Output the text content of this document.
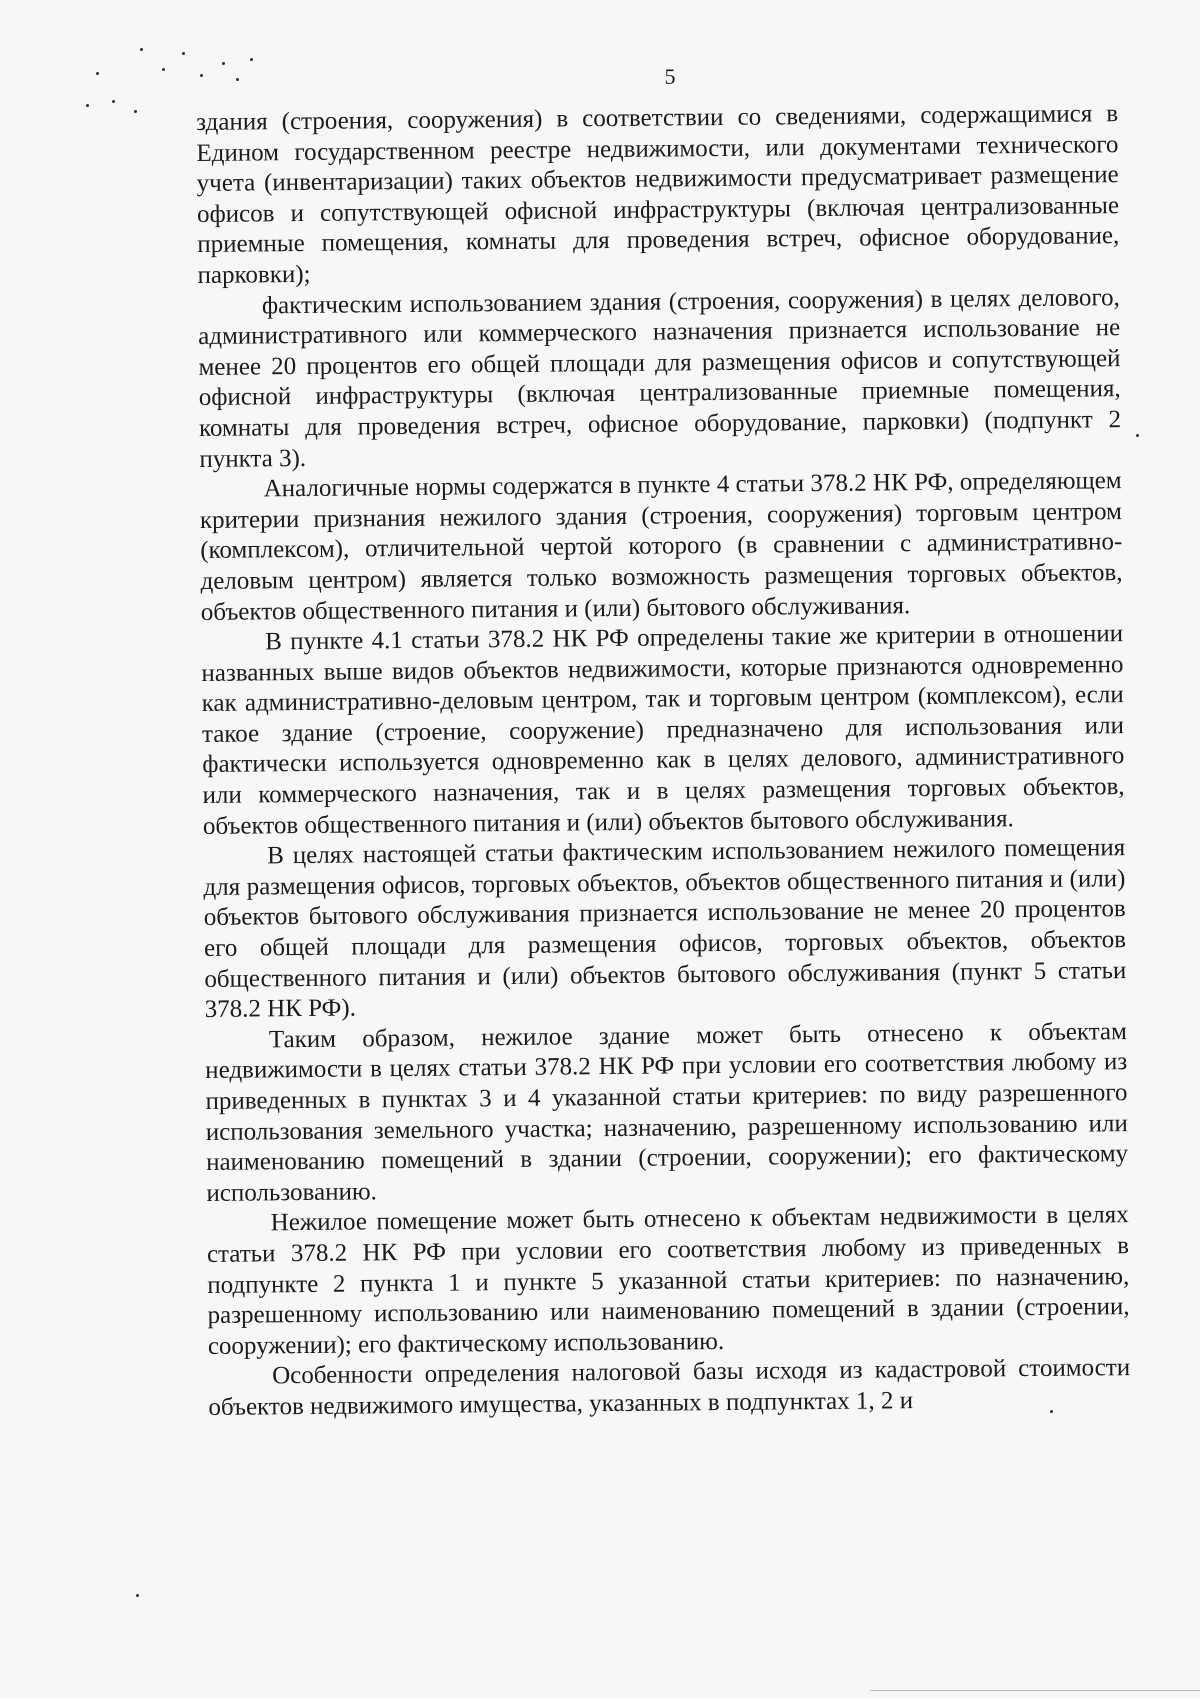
5

здания (строения, сооружения) в соответствии со сведениями, содержащимися в Едином государственном реестре недвижимости, или документами технического учета (инвентаризации) таких объектов недвижимости предусматривает размещение офисов и сопутствующей офисной инфраструктуры (включая централизованные приемные помещения, комнаты для проведения встреч, офисное оборудование, парковки);

фактическим использованием здания (строения, сооружения) в целях делового, административного или коммерческого назначения признается использование не менее 20 процентов его общей площади для размещения офисов и сопутствующей офисной инфраструктуры (включая централизованные приемные помещения, комнаты для проведения встреч, офисное оборудование, парковки) (подпункт 2 пункта 3).

Аналогичные нормы содержатся в пункте 4 статьи 378.2 НК РФ, определяющем критерии признания нежилого здания (строения, сооружения) торговым центром (комплексом), отличительной чертой которого (в сравнении с административно-деловым центром) является только возможность размещения торговых объектов, объектов общественного питания и (или) бытового обслуживания.

В пункте 4.1 статьи 378.2 НК РФ определены такие же критерии в отношении названных выше видов объектов недвижимости, которые признаются одновременно как административно-деловым центром, так и торговым центром (комплексом), если такое здание (строение, сооружение) предназначено для использования или фактически используется одновременно как в целях делового, административного или коммерческого назначения, так и в целях размещения торговых объектов, объектов общественного питания и (или) объектов бытового обслуживания.

В целях настоящей статьи фактическим использованием нежилого помещения для размещения офисов, торговых объектов, объектов общественного питания и (или) объектов бытового обслуживания признается использование не менее 20 процентов его общей площади для размещения офисов, торговых объектов, объектов общественного питания и (или) объектов бытового обслуживания (пункт 5 статьи 378.2 НК РФ).

Таким образом, нежилое здание может быть отнесено к объектам недвижимости в целях статьи 378.2 НК РФ при условии его соответствия любому из приведенных в пунктах 3 и 4 указанной статьи критериев: по виду разрешенного использования земельного участка; назначению, разрешенному использованию или наименованию помещений в здании (строении, сооружении); его фактическому использованию.

Нежилое помещение может быть отнесено к объектам недвижимости в целях статьи 378.2 НК РФ при условии его соответствия любому из приведенных в подпункте 2 пункта 1 и пункте 5 указанной статьи критериев: по назначению, разрешенному использованию или наименованию помещений в здании (строении, сооружении); его фактическому использованию.

Особенности определения налоговой базы исходя из кадастровой стоимости объектов недвижимого имущества, указанных в подпунктах 1, 2 и
